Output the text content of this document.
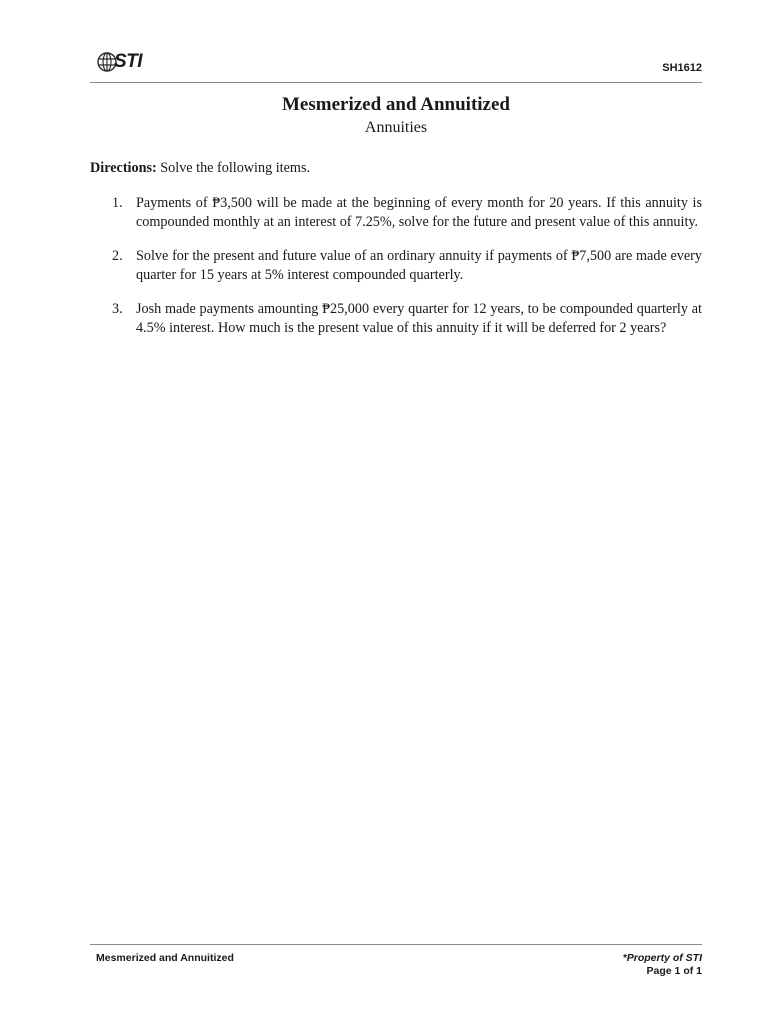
STI	SH1612
Mesmerized and Annuitized
Annuities
Directions: Solve the following items.
1. Payments of ₱3,500 will be made at the beginning of every month for 20 years. If this annuity is compounded monthly at an interest of 7.25%, solve for the future and present value of this annuity.
2. Solve for the present and future value of an ordinary annuity if payments of ₱7,500 are made every quarter for 15 years at 5% interest compounded quarterly.
3. Josh made payments amounting ₱25,000 every quarter for 12 years, to be compounded quarterly at 4.5% interest. How much is the present value of this annuity if it will be deferred for 2 years?
Mesmerized and Annuitized	*Property of STI
Page 1 of 1
